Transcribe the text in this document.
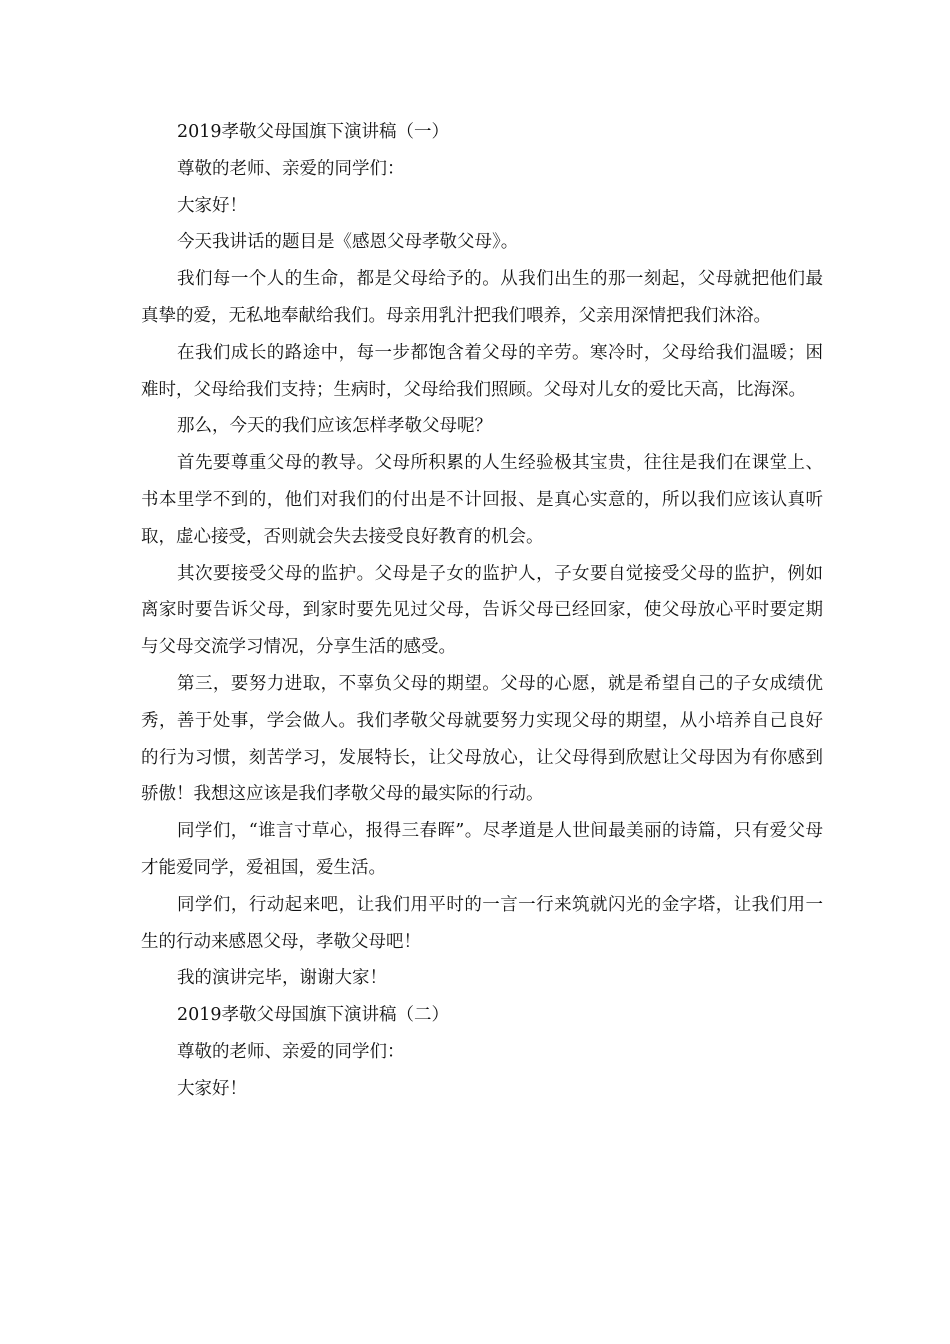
2019孝敬父母国旗下演讲稿（一）

尊敬的老师、亲爱的同学们：

大家好！

今天我讲话的题目是《感恩父母孝敬父母》。

我们每一个人的生命，都是父母给予的。从我们出生的那一刻起，父母就把他们最真挚的爱，无私地奉献给我们。母亲用乳汁把我们喂养，父亲用深情把我们沐浴。

在我们成长的路途中，每一步都饱含着父母的辛劳。寒冷时，父母给我们温暖；困难时，父母给我们支持；生病时，父母给我们照顾。父母对儿女的爱比天高，比海深。

那么，今天的我们应该怎样孝敬父母呢？

首先要尊重父母的教导。父母所积累的人生经验极其宝贵，往往是我们在课堂上、书本里学不到的，他们对我们的付出是不计回报、是真心实意的，所以我们应该认真听取，虚心接受，否则就会失去接受良好教育的机会。

其次要接受父母的监护。父母是子女的监护人，子女要自觉接受父母的监护，例如离家时要告诉父母，到家时要先见过父母，告诉父母已经回家，使父母放心平时要定期与父母交流学习情况，分享生活的感受。

第三，要努力进取，不辜负父母的期望。父母的心愿，就是希望自己的子女成绩优秀，善于处事，学会做人。我们孝敬父母就要努力实现父母的期望，从小培养自己良好的行为习惯，刻苦学习，发展特长，让父母放心，让父母得到欣慰让父母因为有你感到骄傲！我想这应该是我们孝敬父母的最实际的行动。

同学们，“谁言寸草心，报得三春晖”。尽孝道是人世间最美丽的诗篇，只有爱父母才能爱同学，爱祖国，爱生活。

同学们，行动起来吧，让我们用平时的一言一行来筑就闪光的金字塔，让我们用一生的行动来感恩父母，孝敬父母吧！

我的演讲完毕，谢谢大家！

2019孝敬父母国旗下演讲稿（二）

尊敬的老师、亲爱的同学们：

大家好！
